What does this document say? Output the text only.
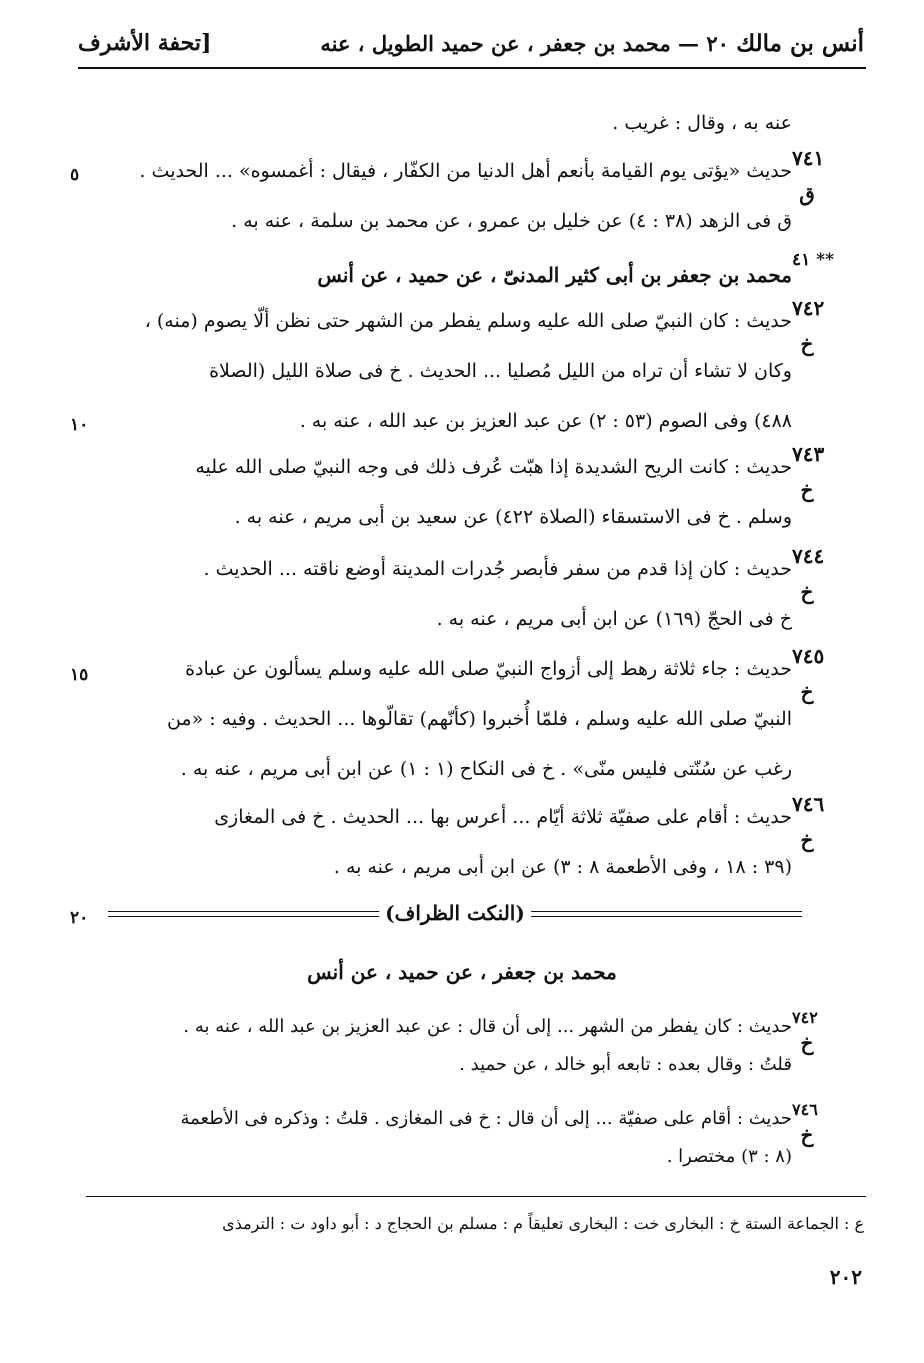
أنس بن مالك ٢٠ — محمد بن جعفر ، عن حميد الطويل ، عنه
[تحفة الأشرف
عنه به ، وقال : غريب .
٧٤١
ق
حديث «يؤتى يوم القيامة بأنعم أهل الدنيا من الكفّار ، فيقال : أغمسوه» ... الحديث .
ق فى الزهد (٣٨ : ٤) عن خليل بن عمرو ، عن محمد بن سلمة ، عنه به .
٥
٤١ **
محمد بن جعفر بن أبى كثير المدنىّ ، عن حميد ، عن أنس
٧٤٢
خ
حديث : كان النبيّ صلى الله عليه وسلم يفطر من الشهر حتى نظن ألّا يصوم (منه) ،
وكان لا تشاء أن تراه من الليل مُصليا ... الحديث . خ فى صلاة الليل (الصلاة
٤٨٨) وفى الصوم (٥٣ : ٢) عن عبد العزيز بن عبد الله ، عنه به .
١٠
٧٤٣
خ
حديث : كانت الريح الشديدة إذا هبّت عُرف ذلك فى وجه النبيّ صلى الله عليه
وسلم . خ فى الاستسقاء (الصلاة ٤٢٢) عن سعيد بن أبى مريم ، عنه به .
٧٤٤
خ
حديث : كان إذا قدم من سفر فأبصر جُدرات المدينة أوضع ناقته ... الحديث .
خ فى الحجّ (١٦٩) عن ابن أبى مريم ، عنه به .
٧٤٥
خ
حديث : جاء ثلاثة رهط إلى أزواج النبيّ صلى الله عليه وسلم يسألون عن عبادة
النبيّ صلى الله عليه وسلم ، فلمّا أُخبروا (كأنّهم) تقالّوها ... الحديث . وفيه : «من
رغب عن سُنّتى فليس منّى» . خ فى النكاح (١ : ١) عن ابن أبى مريم ، عنه به .
١٥
٧٤٦
خ
حديث : أقام على صفيّة ثلاثة أيّام ... أعرس بها ... الحديث . خ فى المغازى
(٣٩ : ١٨ ، وفى الأطعمة ٨ : ٣) عن ابن أبى مريم ، عنه به .
(النكت الظراف)
٢٠
محمد بن جعفر ، عن حميد ، عن أنس
٧٤٢
خ
حديث : كان يفطر من الشهر ... إلى أن قال : عن عبد العزيز بن عبد الله ، عنه به .
قلتُ : وقال بعده : تابعه أبو خالد ، عن حميد .
٧٤٦
خ
حديث : أقام على صفيّة ... إلى أن قال : خ فى المغازى . قلتُ : وذكره فى الأطعمة
(٨ : ٣) مختصرا .
ع : الجماعة الستة خ : البخارى خت : البخارى تعليقاً م : مسلم بن الحجاج د : أبو داود ت : الترمذى
٢٠٢
